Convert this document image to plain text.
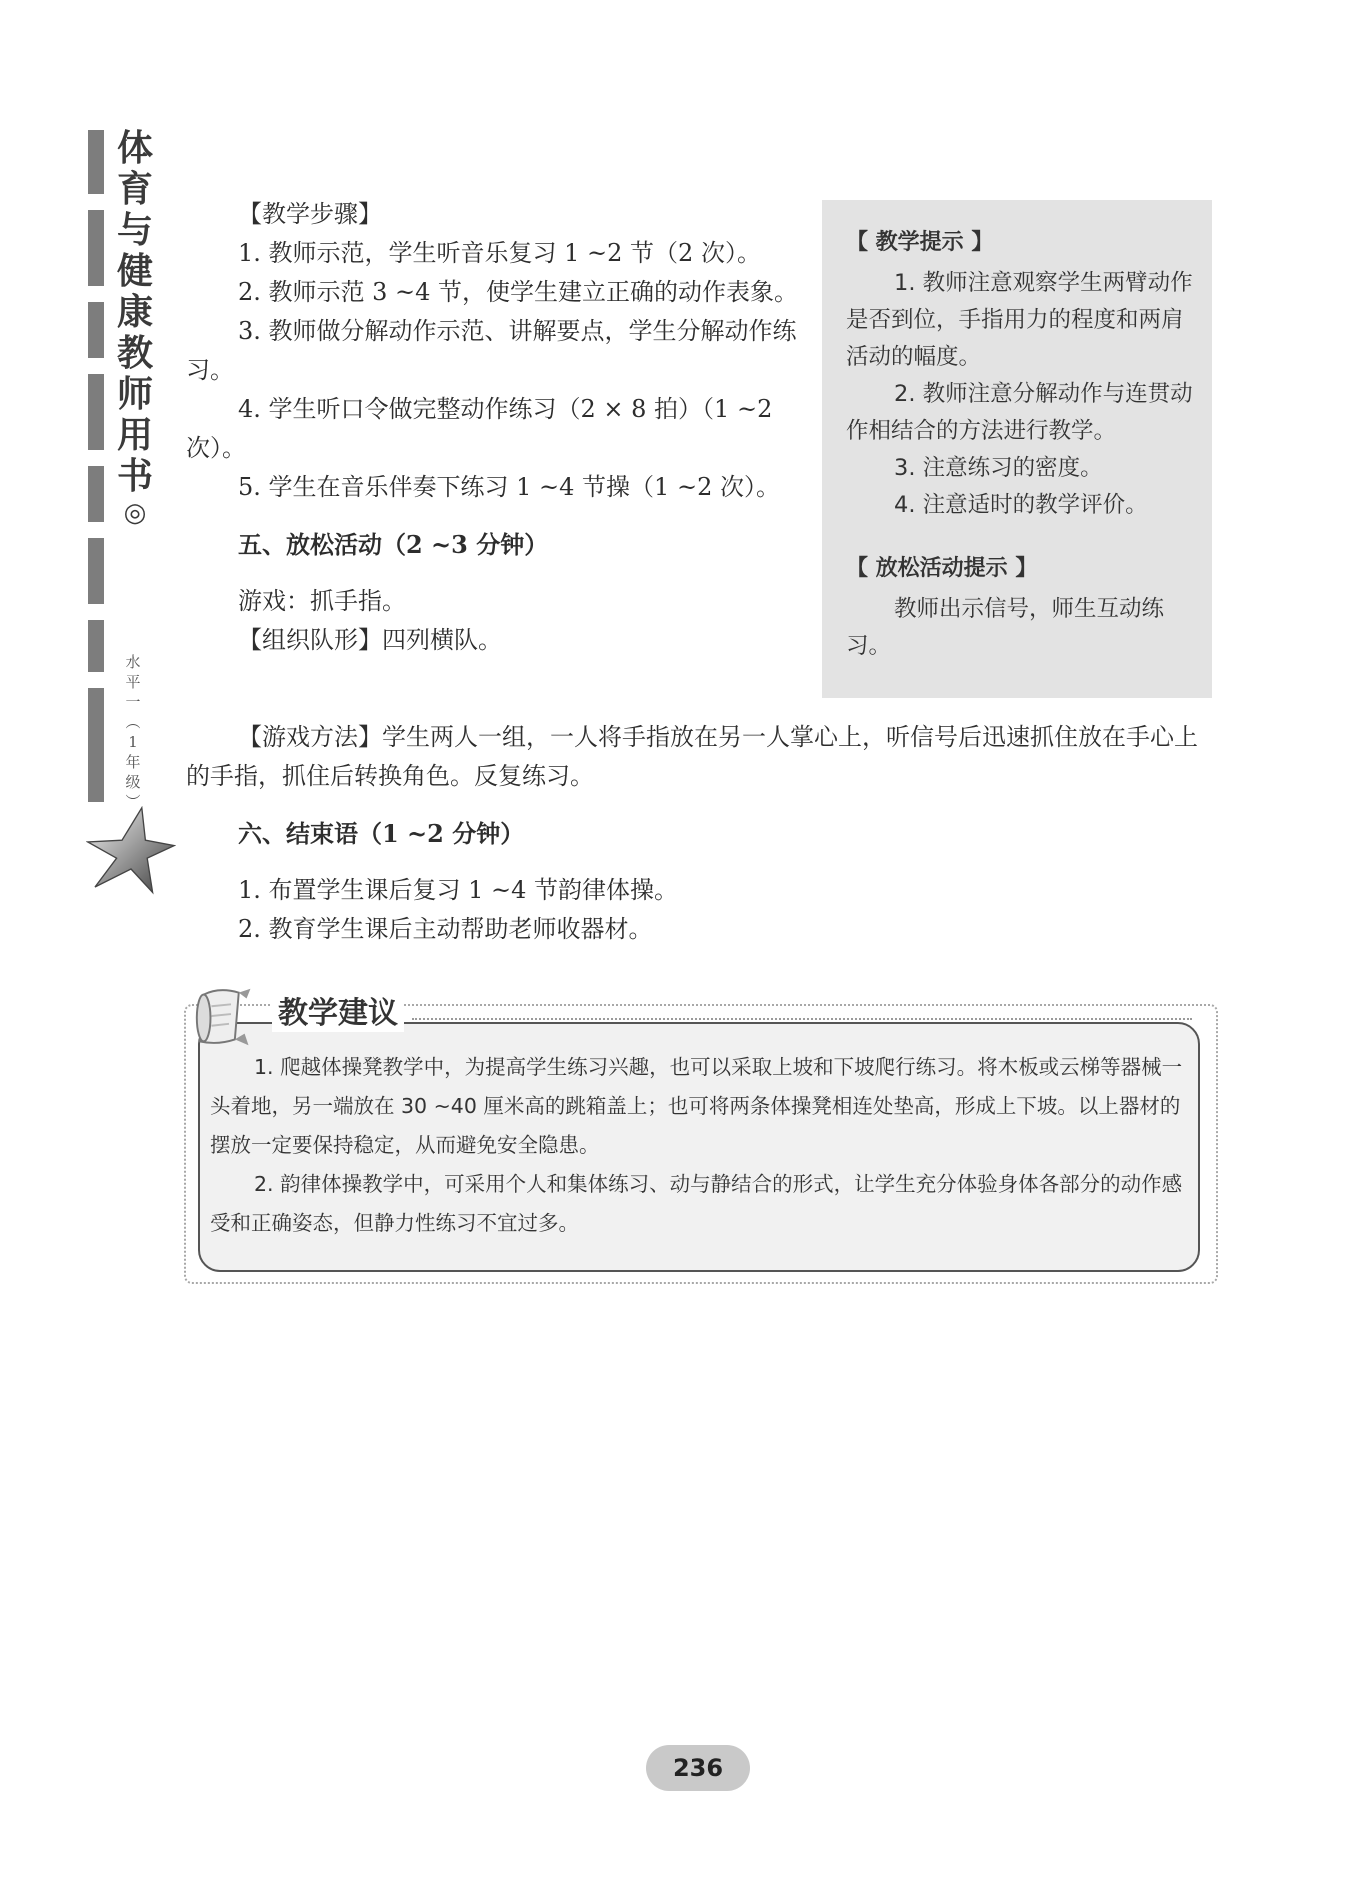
体
育
与
健
康
教
师
用
书
◎
水
平
一
︵
1
年
级
︶

【教学步骤】

1. 教师示范，学生听音乐复习 1 ~2 节（2 次）。

2. 教师示范 3 ~4 节，使学生建立正确的动作表象。

3. 教师做分解动作示范、讲解要点，学生分解动作练习。

4. 学生听口令做完整动作练习（2 × 8 拍）（1 ~2 次）。

5. 学生在音乐伴奏下练习 1 ~4 节操（1 ~2 次）。

五、放松活动（2 ~3 分钟）

游戏：抓手指。

【组织队形】四列横队。

【游戏方法】学生两人一组，一人将手指放在另一人掌心上，听信号后迅速抓住放在手心上的手指，抓住后转换角色。反复练习。

六、结束语（1 ~2 分钟）

1. 布置学生课后复习 1 ~4 节韵律体操。

2. 教育学生课后主动帮助老师收器材。

【 教学提示 】

1. 教师注意观察学生两臂动作是否到位，手指用力的程度和两肩活动的幅度。

2. 教师注意分解动作与连贯动作相结合的方法进行教学。

3. 注意练习的密度。

4. 注意适时的教学评价。

【 放松活动提示 】

教师出示信号，师生互动练习。

教学建议

1. 爬越体操凳教学中，为提高学生练习兴趣，也可以采取上坡和下坡爬行练习。将木板或云梯等器械一头着地，另一端放在 30 ~40 厘米高的跳箱盖上；也可将两条体操凳相连处垫高，形成上下坡。以上器材的摆放一定要保持稳定，从而避免安全隐患。

2. 韵律体操教学中，可采用个人和集体练习、动与静结合的形式，让学生充分体验身体各部分的动作感受和正确姿态，但静力性练习不宜过多。

236
